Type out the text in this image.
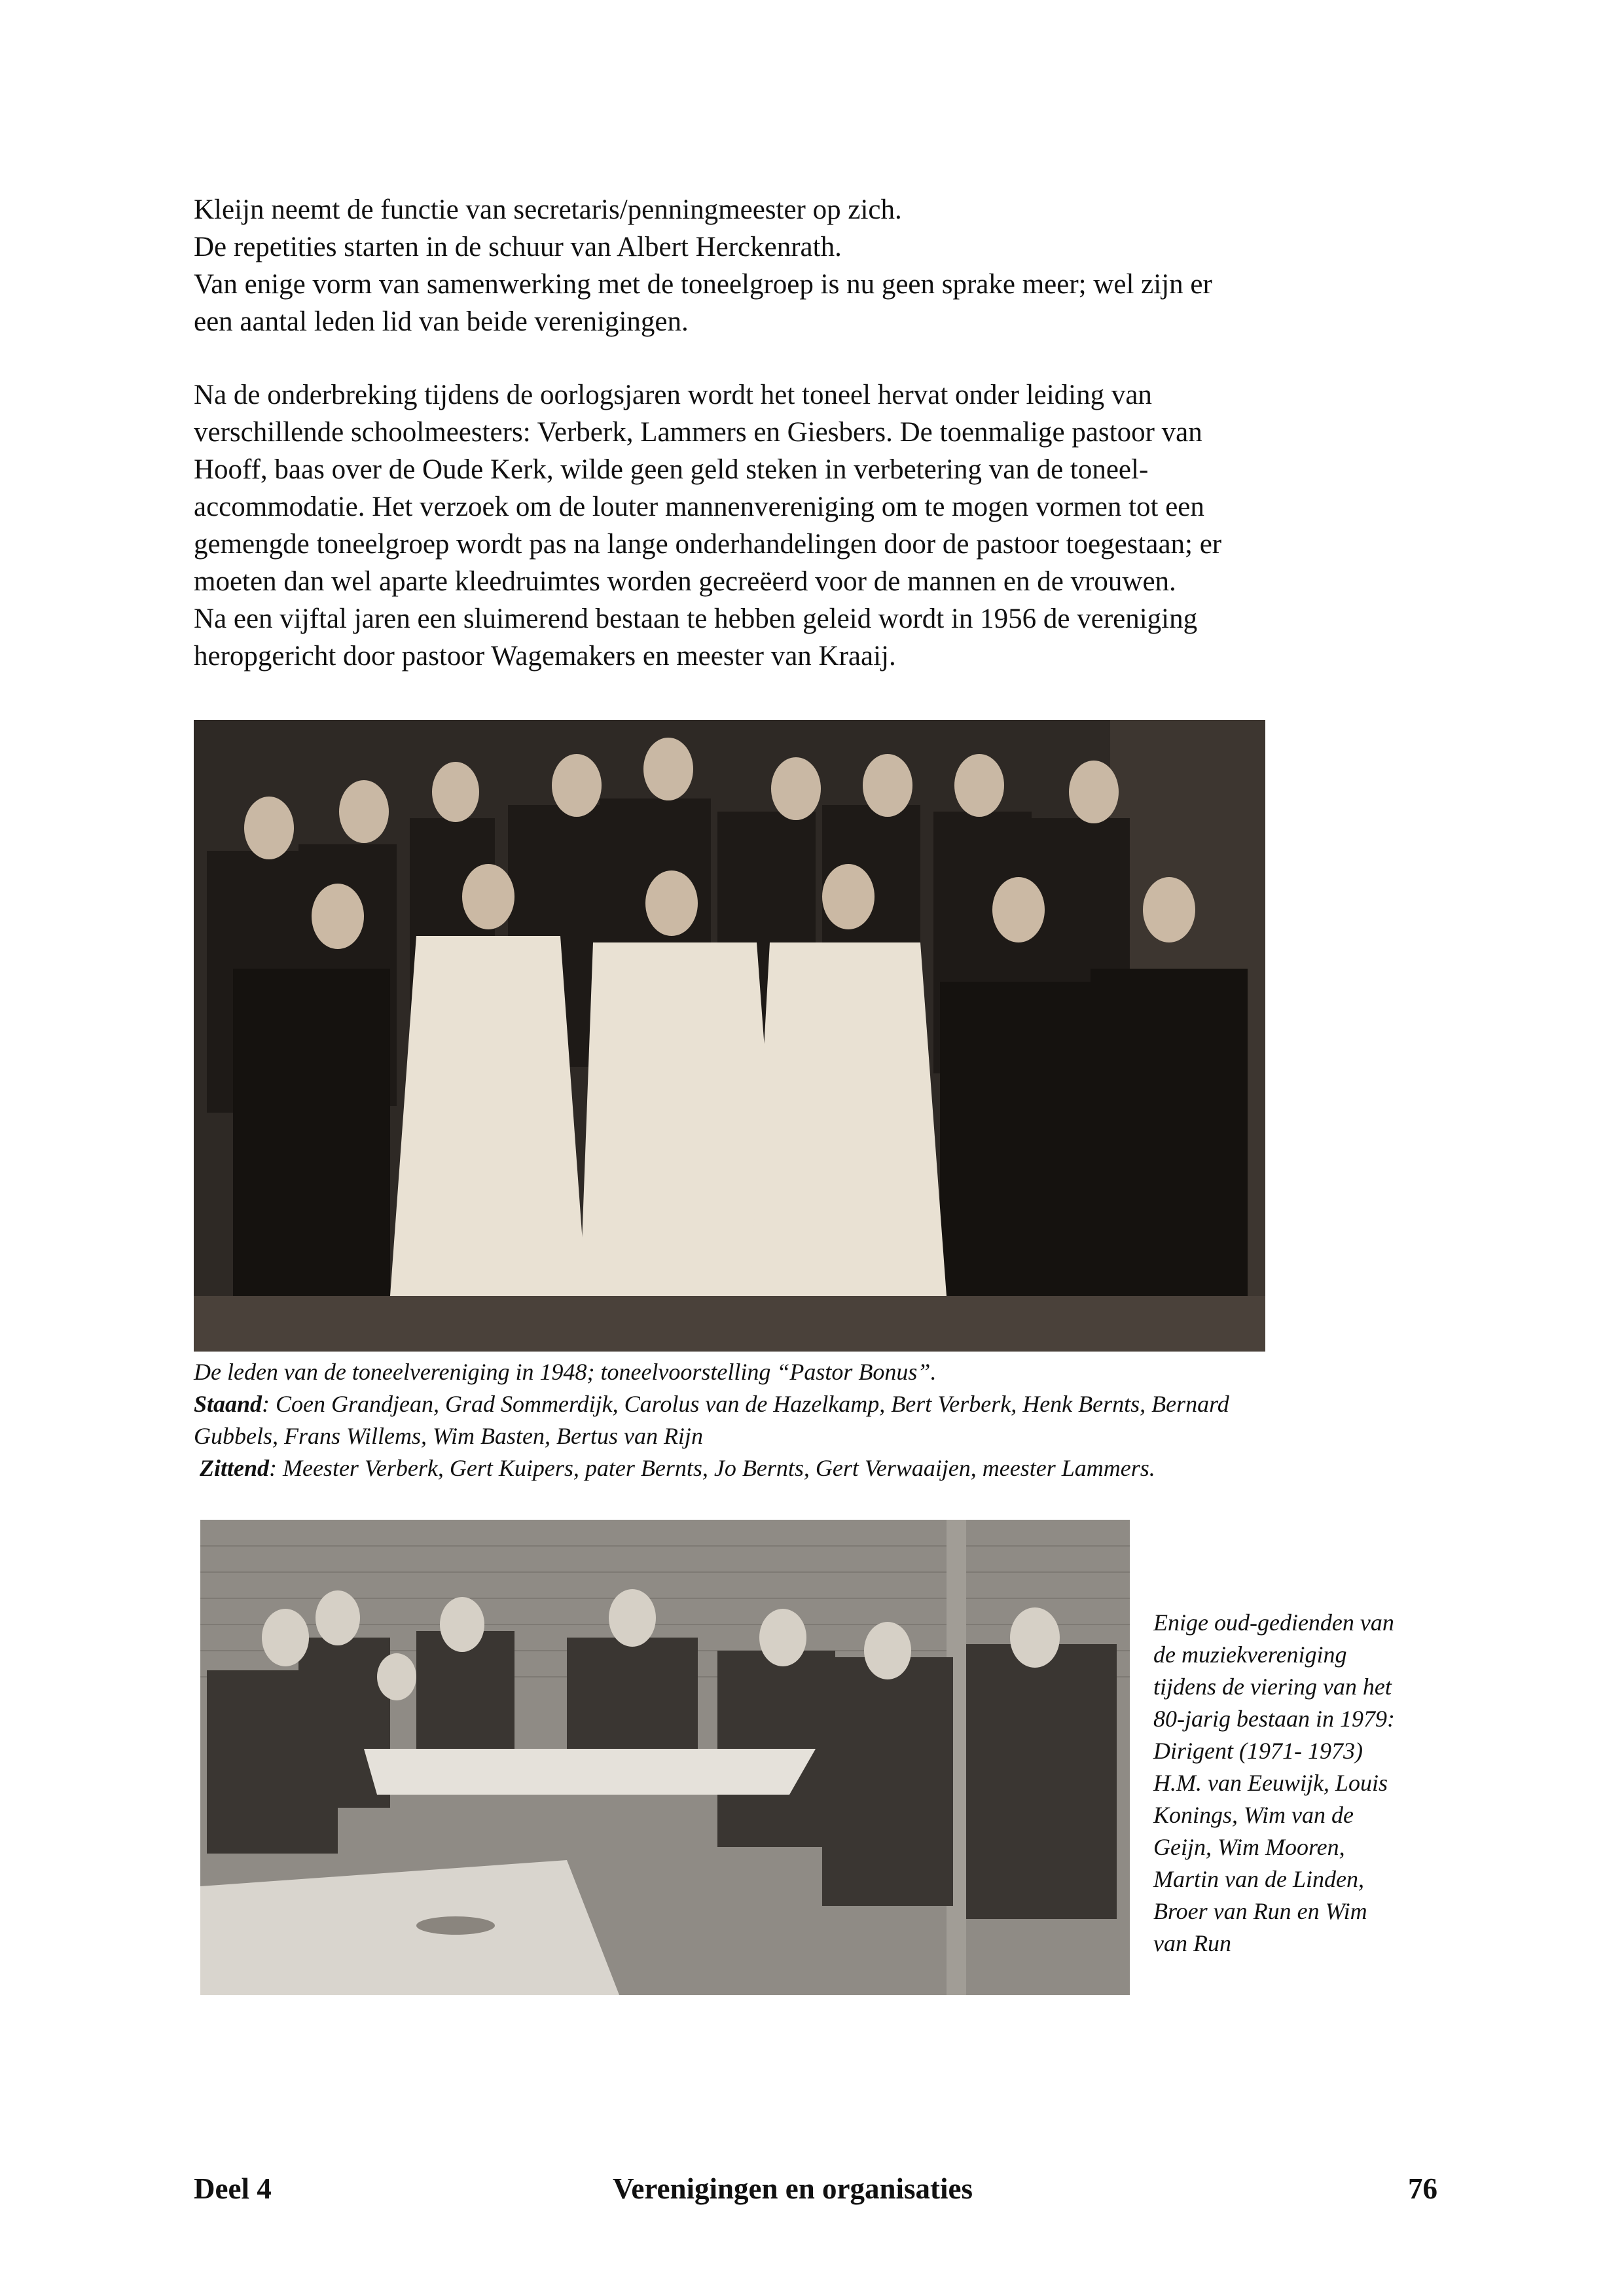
Kleijn neemt de functie van secretaris/penningmeester op zich.

De repetities starten in de schuur van Albert Herckenrath.

Van enige vorm van samenwerking met de toneelgroep is nu geen sprake meer; wel zijn er

een aantal leden lid van beide verenigingen.

Na de onderbreking tijdens de oorlogsjaren wordt het toneel hervat onder leiding van

verschillende schoolmeesters: Verberk, Lammers en Giesbers. De toenmalige pastoor van

Hooff, baas over de Oude Kerk, wilde geen geld steken in verbetering van de toneel-

accommodatie. Het verzoek om de louter mannenvereniging om te mogen vormen tot een

gemengde toneelgroep wordt pas na lange onderhandelingen door de pastoor toegestaan; er

moeten dan wel aparte kleedruimtes worden gecreëerd voor de mannen en de vrouwen.

Na een vijftal jaren een sluimerend bestaan te hebben geleid wordt in 1956 de vereniging

heropgericht door pastoor Wagemakers en meester van Kraaij.

De leden van de toneelvereniging in 1948; toneelvoorstelling “Pastor Bonus”.
Staand: Coen Grandjean, Grad Sommerdijk, Carolus van de Hazelkamp, Bert Verberk, Henk Bernts, Bernard
Gubbels, Frans Willems, Wim Basten, Bertus van Rijn
Zittend: Meester Verberk, Gert Kuipers, pater Bernts, Jo Bernts, Gert Verwaaijen, meester Lammers.
Enige oud-gedienden van
de muziekvereniging
tijdens de viering van het
80-jarig bestaan in 1979:
Dirigent (1971- 1973)
H.M. van Eeuwijk, Louis
Konings, Wim van de
Geijn, Wim Mooren,
Martin van de Linden,
Broer van Run en Wim
van Run
Deel 4	Verenigingen en organisaties	76
